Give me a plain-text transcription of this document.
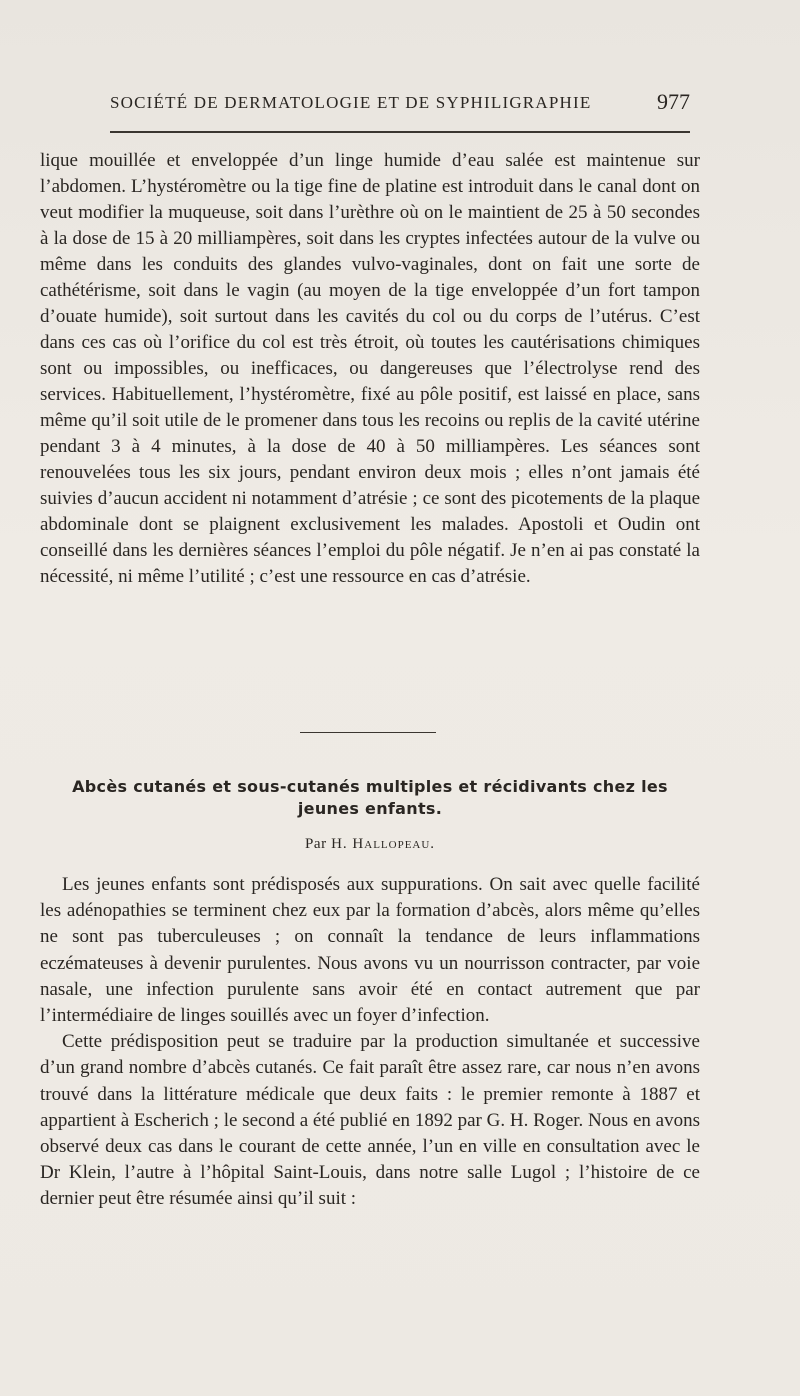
SOCIÉTÉ DE DERMATOLOGIE ET DE SYPHILIGRAPHIE	977

lique mouillée et enveloppée d’un linge humide d’eau salée est maintenue sur l’abdomen. L’hystéromètre ou la tige fine de platine est introduit dans le canal dont on veut modifier la muqueuse, soit dans l’urèthre où on le maintient de 25 à 50 secondes à la dose de 15 à 20 milliampères, soit dans les cryptes infectées autour de la vulve ou même dans les conduits des glandes vulvo-vaginales, dont on fait une sorte de cathétérisme, soit dans le vagin (au moyen de la tige enveloppée d’un fort tampon d’ouate humide), soit surtout dans les cavités du col ou du corps de l’utérus. C’est dans ces cas où l’orifice du col est très étroit, où toutes les cautérisations chimiques sont ou impossibles, ou inefficaces, ou dangereuses que l’électrolyse rend des services. Habituellement, l’hystéromètre, fixé au pôle positif, est laissé en place, sans même qu’il soit utile de le promener dans tous les recoins ou replis de la cavité utérine pendant 3 à 4 minutes, à la dose de 40 à 50 milliampères. Les séances sont renouvelées tous les six jours, pendant environ deux mois ; elles n’ont jamais été suivies d’aucun accident ni notamment d’atrésie ; ce sont des picotements de la plaque abdominale dont se plaignent exclusivement les malades. Apostoli et Oudin ont conseillé dans les dernières séances l’emploi du pôle négatif. Je n’en ai pas constaté la nécessité, ni même l’utilité ; c’est une ressource en cas d’atrésie.

Abcès cutanés et sous-cutanés multiples et récidivants chez les jeunes enfants.
Par H. Hallopeau.

Les jeunes enfants sont prédisposés aux suppurations. On sait avec quelle facilité les adénopathies se terminent chez eux par la formation d’abcès, alors même qu’elles ne sont pas tuberculeuses ; on connaît la tendance de leurs inflammations eczémateuses à devenir purulentes. Nous avons vu un nourrisson contracter, par voie nasale, une infection purulente sans avoir été en contact autrement que par l’intermédiaire de linges souillés avec un foyer d’infection.

Cette prédisposition peut se traduire par la production simultanée et successive d’un grand nombre d’abcès cutanés. Ce fait paraît être assez rare, car nous n’en avons trouvé dans la littérature médicale que deux faits : le premier remonte à 1887 et appartient à Escherich ; le second a été publié en 1892 par G. H. Roger. Nous en avons observé deux cas dans le courant de cette année, l’un en ville en consultation avec le Dr Klein, l’autre à l’hôpital Saint-Louis, dans notre salle Lugol ; l’histoire de ce dernier peut être résumée ainsi qu’il suit :
